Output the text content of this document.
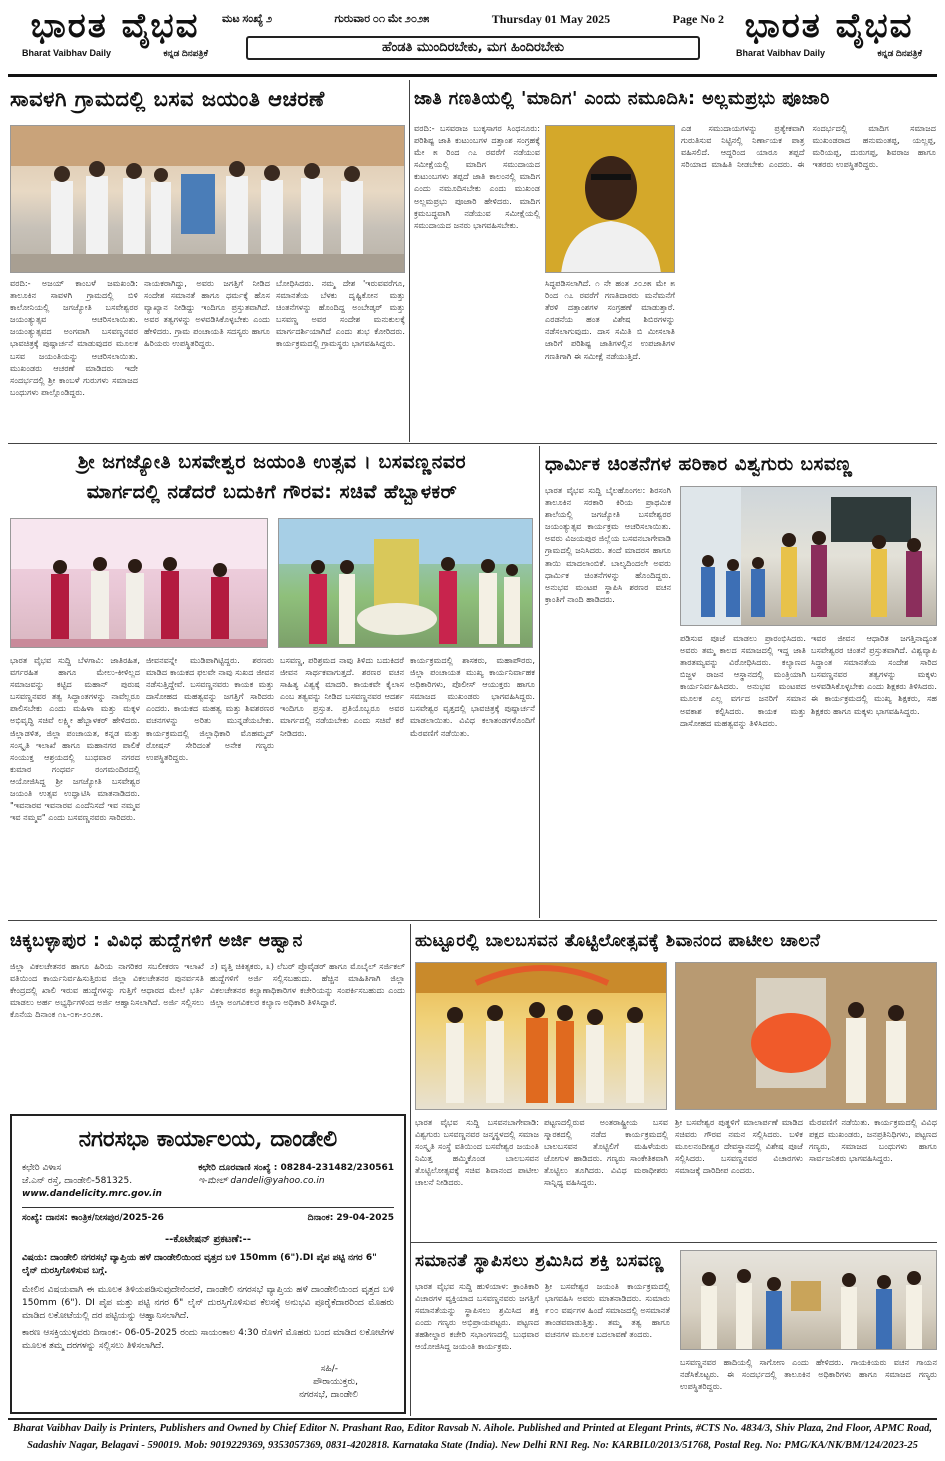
ಭಾರತ ವೈಭವ
Bharat Vaibhav Daily	ಕನ್ನಡ ದಿನಪತ್ರಿಕೆ
ಭಾರತ ವೈಭವ
Bharat Vaibhav Daily	ಕನ್ನಡ ದಿನಪತ್ರಿಕೆ
ಮಟ ಸಂಖ್ಯೆ ೨	ಗುರುವಾರ ೦೧ ಮೇ ೨೦೨೫	Thursday 01 May 2025	Page No 2
ಹೆಂಡತಿ ಮುಂದಿರಬೇಕು, ಮಗ ಹಿಂದಿರಬೇಕು
ಸಾವಳಗಿ ಗ್ರಾಮದಲ್ಲಿ ಬಸವ ಜಯಂತಿ ಆಚರಣೆ
ವರದಿ:- ಅಜಯ್ ಕಾಂಬಳೆ ಜಮಖಂಡಿ: ತಾಲೂಕಿನ ಸಾವಳಗಿ ಗ್ರಾಮದಲ್ಲಿ ಬಿಳಿ ಕಾಲೋನಿಯಲ್ಲಿ ಜಗಜ್ಯೋತಿ ಬಸವೇಶ್ವರರ ಜಯಂತ್ಯುತ್ಸವ ಆಚರಿಸಲಾಯಿತು. ಜಯಂತ್ಯುತ್ಸವದ ಅಂಗವಾಗಿ ಬಸವಣ್ಣನವರ ಭಾವಚಿತ್ರಕ್ಕೆ ಪುಷ್ಪಾರ್ಚನೆ ಮಾಡುವುದರ ಮೂಲಕ ಬಸವ ಜಯಂತಿಯನ್ನು ಆಚರಿಸಲಾಯಿತು. ಮುಖಂಡರು ಆಚರಣೆ ಮಾಡಿದರು ಇದೇ ಸಂದರ್ಭದಲ್ಲಿ ಶ್ರೀ ಕಾಂಬಳೆ ಗುರುಗಳು ಸಮಾಜದ ಬಂಧುಗಳು ಪಾಲ್ಗೊಂಡಿದ್ದರು.
ನಾಯಕರಾಗಿದ್ದು, ಅವರು ಜಗತ್ತಿಗೆ ನೀಡಿದ ಸಂದೇಶ ಸಮಾನತೆ ಹಾಗೂ ಧರ್ಮಕ್ಕೆ ಹೊಸ ವ್ಯಾಖ್ಯಾನ ನೀಡಿದ್ದು ಇಂದಿಗೂ ಪ್ರಸ್ತುತವಾಗಿದೆ. ಅವರ ತತ್ವಗಳನ್ನು ಅಳವಡಿಸಿಕೊಳ್ಳಬೇಕು ಎಂದು ಹೇಳಿದರು. ಗ್ರಾಮ ಪಂಚಾಯತಿ ಸದಸ್ಯರು ಹಾಗೂ ಹಿರಿಯರು ಉಪಸ್ಥಿತರಿದ್ದರು.
ಬೋಧಿಸಿದರು. ನಮ್ಮ ದೇಶ 'ಇರುವವರೆಗೂ, ಸಮಾನತೆಯ ಬೆಳಕು ದೃಷ್ಟಿಕೋನ ಮತ್ತು ಚಿಂತನೆಗಳನ್ನು ಹೊಂದಿದ್ದ ಅಂಬೇಡ್ಕರ್ ಮತ್ತು ಬಸವಣ್ಣ ಅವರ ಸಂದೇಶ ಮನುಕುಲಕ್ಕೆ ಮಾರ್ಗದರ್ಶಿಯಾಗಿದೆ ಎಂದು ಶುಭ ಕೋರಿದರು. ಕಾರ್ಯಕ್ರಮದಲ್ಲಿ ಗ್ರಾಮಸ್ಥರು ಭಾಗವಹಿಸಿದ್ದರು.
ಜಾತಿ ಗಣತಿಯಲ್ಲಿ 'ಮಾದಿಗ' ಎಂದು ನಮೂದಿಸಿ: ಅಲ್ಲಮಪ್ರಭು ಪೂಜಾರಿ
ವರದಿ:- ಬಸವರಾಜ ಬುಕ್ಕಸಾಗರ ಸಿಂಧನೂರು: ಪರಿಶಿಷ್ಟ ಜಾತಿ ಕುಟುಂಬಗಳ ದತ್ತಾಂಶ ಸಂಗ್ರಹಕ್ಕೆ ಮೇ ೫ ರಿಂದ ೧೭ ರವರೆಗೆ ನಡೆಯುವ ಸಮೀಕ್ಷೆಯಲ್ಲಿ ಮಾದಿಗ ಸಮುದಾಯದ ಕುಟುಂಬಗಳು ತಪ್ಪದೆ ಜಾತಿ ಕಾಲಂನಲ್ಲಿ ಮಾದಿಗ ಎಂದು ನಮೂದಿಸಬೇಕು ಎಂದು ಮುಖಂಡ ಅಲ್ಲಮಪ್ರಭು ಪೂಜಾರಿ ಹೇಳಿದರು. ಮಾದಿಗ ಕ್ರಮಬದ್ಧವಾಗಿ ನಡೆಯುವ ಸಮೀಕ್ಷೆಯಲ್ಲಿ ಸಮುದಾಯದ ಜನರು ಭಾಗವಹಿಸಬೇಕು.
ಸಿದ್ಧಪಡಿಸಲಾಗಿದೆ. ೧ ನೇ ಹಂತ ೨೦೨೫ ಮೇ ೫ ರಿಂದ ೧೭ ರವರೆಗೆ ಗಣತಿದಾರರು ಮನೆಮನೆಗೆ ತೆರಳಿ ದತ್ತಾಂಶಗಳ ಸಂಗ್ರಹಣೆ ಮಾಡುತ್ತಾರೆ. ಎರಡನೆಯ ಹಂತ ವಿಶೇಷ ಶಿಬಿರಗಳನ್ನು ನಡೆಸಲಾಗುವುದು. ದಾಸ ಸಮಿತಿ ಬಿ ಮೀಸಲಾತಿ ಜಾರಿಗೆ ಪರಿಶಿಷ್ಟ ಜಾತಿಗಳಲ್ಲಿನ ಉಪಜಾತಿಗಳ ಗಣತಿಗಾಗಿ ಈ ಸಮೀಕ್ಷೆ ನಡೆಯುತ್ತಿದೆ.
ಎಡ ಸಮುದಾಯಗಳನ್ನು ಪ್ರತ್ಯೇಕವಾಗಿ ಗುರುತಿಸುವ ನಿಟ್ಟಿನಲ್ಲಿ ನಿರ್ಣಾಯಕ ಪಾತ್ರ ವಹಿಸಲಿದೆ. ಆದ್ದರಿಂದ ಯಾರೂ ತಪ್ಪದೆ ಸರಿಯಾದ ಮಾಹಿತಿ ನೀಡಬೇಕು ಎಂದರು. ಈ ಸಂದರ್ಭದಲ್ಲಿ ಮಾದಿಗ ಸಮಾಜದ ಮುಖಂಡರಾದ ಹನುಮಂತಪ್ಪ, ಯಲ್ಲಪ್ಪ, ಮರಿಯಪ್ಪ, ದುರುಗಪ್ಪ, ಶಿವರಾಜ ಹಾಗೂ ಇತರರು ಉಪಸ್ಥಿತರಿದ್ದರು.
ಶ್ರೀ ಜಗಜ್ಯೋತಿ ಬಸವೇಶ್ವರ ಜಯಂತಿ ಉತ್ಸವ । ಬಸವಣ್ಣನವರ
ಮಾರ್ಗದಲ್ಲಿ ನಡೆದರೆ ಬದುಕಿಗೆ ಗೌರವ: ಸಚಿವೆ ಹೆಬ್ಬಾಳಕರ್
ಭಾರತ ವೈಭವ ಸುದ್ದಿ ಬೆಳಗಾವಿ: ಜಾತಿರಹಿತ, ವರ್ಗರಹಿತ ಹಾಗೂ ಮೇಲು-ಕೀಳಿಲ್ಲದ ಸಮಾಜವನ್ನು ಕಟ್ಟಿದ ಮಹಾನ್ ಪುರುಷ ಬಸವಣ್ಣನವರ ತತ್ವ ಸಿದ್ಧಾಂತಗಳನ್ನು ನಾವೆಲ್ಲರೂ ಪಾಲಿಸಬೇಕು ಎಂದು ಮಹಿಳಾ ಮತ್ತು ಮಕ್ಕಳ ಅಭಿವೃದ್ಧಿ ಸಚಿವೆ ಲಕ್ಷ್ಮೀ ಹೆಬ್ಬಾಳಕರ್ ಹೇಳಿದರು. ಜಿಲ್ಲಾಡಳಿತ, ಜಿಲ್ಲಾ ಪಂಚಾಯತ, ಕನ್ನಡ ಮತ್ತು ಸಂಸ್ಕೃತಿ ಇಲಾಖೆ ಹಾಗೂ ಮಹಾನಗರ ಪಾಲಿಕೆ ಸಂಯುಕ್ತ ಆಶ್ರಯದಲ್ಲಿ ಬುಧವಾರ ನಗರದ ಕುಮಾರ ಗಂಧರ್ವ ರಂಗಮಂದಿರದಲ್ಲಿ ಆಯೋಜಿಸಿದ್ದ ಶ್ರೀ ಜಗಜ್ಯೋತಿ ಬಸವೇಶ್ವರ ಜಯಂತಿ ಉತ್ಸವ ಉದ್ಘಾಟಿಸಿ ಮಾತನಾಡಿದರು. "ಇವನಾರವ ಇವನಾರವ ಎಂದೆನಿಸದೆ ಇವ ನಮ್ಮವ ಇವ ನಮ್ಮವ" ಎಂದು ಬಸವಣ್ಣನವರು ಸಾರಿದರು.
ಜೀವನವನ್ನೇ ಮುಡಿಪಾಗಿಟ್ಟಿದ್ದರು. ಶರಣರು ಮಾಡಿದ ಕಾಯಕದ ಫಲವೇ ನಾವು ಸುಖದ ಜೀವನ ನಡೆಸುತ್ತಿದ್ದೇವೆ. ಬಸವಣ್ಣನವರು ಕಾಯಕ ಮತ್ತು ದಾಸೋಹದ ಮಹತ್ವವನ್ನು ಜಗತ್ತಿಗೆ ಸಾರಿದರು ಎಂದರು. ಕಾಯಕದ ಮಹತ್ವ ಮತ್ತು ಶಿವಶರಣರ ವಚನಗಳನ್ನು ಅರಿತು ಮುನ್ನಡೆಯಬೇಕು. ಕಾರ್ಯಕ್ರಮದಲ್ಲಿ ಜಿಲ್ಲಾಧಿಕಾರಿ ಮೊಹಮ್ಮದ್ ರೋಷನ್ ಸೇರಿದಂತೆ ಅನೇಕ ಗಣ್ಯರು ಉಪಸ್ಥಿತರಿದ್ದರು.
ಬಸವಣ್ಣ, ಪರಿಶ್ರಮದ ನಾವು ತಿಳಿದು ಬದುಕಿದರೆ ಜೀವನ ಸಾರ್ಥಕವಾಗುತ್ತದೆ. ಶರಣರ ವಚನ ಸಾಹಿತ್ಯ ವಿಶ್ವಕ್ಕೆ ಮಾದರಿ. ಕಾಯಕವೇ ಕೈಲಾಸ ಎಂಬ ತತ್ವವನ್ನು ನೀಡಿದ ಬಸವಣ್ಣನವರ ಆದರ್ಶ ಇಂದಿಗೂ ಪ್ರಸ್ತುತ. ಪ್ರತಿಯೊಬ್ಬರೂ ಅವರ ಮಾರ್ಗದಲ್ಲಿ ನಡೆಯಬೇಕು ಎಂದು ಸಚಿವೆ ಕರೆ ನೀಡಿದರು.
ಕಾರ್ಯಕ್ರಮದಲ್ಲಿ ಶಾಸಕರು, ಮಹಾಪೌರರು, ಜಿಲ್ಲಾ ಪಂಚಾಯತ ಮುಖ್ಯ ಕಾರ್ಯನಿರ್ವಾಹಕ ಅಧಿಕಾರಿಗಳು, ಪೊಲೀಸ್ ಆಯುಕ್ತರು ಹಾಗೂ ಸಮಾಜದ ಮುಖಂಡರು ಭಾಗವಹಿಸಿದ್ದರು. ಬಸವೇಶ್ವರ ವೃತ್ತದಲ್ಲಿ ಭಾವಚಿತ್ರಕ್ಕೆ ಪುಷ್ಪಾರ್ಚನೆ ಮಾಡಲಾಯಿತು. ವಿವಿಧ ಕಲಾತಂಡಗಳೊಂದಿಗೆ ಮೆರವಣಿಗೆ ನಡೆಯಿತು.
ಧಾರ್ಮಿಕ ಚಿಂತನೆಗಳ ಹರಿಕಾರ ವಿಶ್ವಗುರು ಬಸವಣ್ಣ
ಭಾರತ ವೈಭವ ಸುದ್ದಿ ಬೈಲಹೊಂಗಲ: ಶಿರಸಂಗಿ ತಾಲೂಕಿನ ಸರಕಾರಿ ಕಿರಿಯ ಪ್ರಾಥಮಿಕ ಶಾಲೆಯಲ್ಲಿ ಜಗಜ್ಯೋತಿ ಬಸವೇಶ್ವರರ ಜಯಂತ್ಯುತ್ಸವ ಕಾರ್ಯಕ್ರಮ ಆಚರಿಸಲಾಯಿತು. ಅವರು ವಿಜಯಪುರ ಜಿಲ್ಲೆಯ ಬಸವನಬಾಗೇವಾಡಿ ಗ್ರಾಮದಲ್ಲಿ ಜನಿಸಿದರು. ತಂದೆ ಮಾದರಸ ಹಾಗೂ ತಾಯಿ ಮಾದಲಾಂಬಿಕೆ. ಬಾಲ್ಯದಿಂದಲೇ ಅವರು ಧಾರ್ಮಿಕ ಚಿಂತನೆಗಳನ್ನು ಹೊಂದಿದ್ದರು. ಅನುಭವ ಮಂಟಪ ಸ್ಥಾಪಿಸಿ ಶರಣರ ವಚನ ಕ್ರಾಂತಿಗೆ ನಾಂದಿ ಹಾಡಿದರು.
ಪಡಿಸುವ ಪೂಜೆ ಮಾಡಲು ಪ್ರಾರಂಭಿಸಿದರು. ಅವರು ತಮ್ಮ ಕಾಲದ ಸಮಾಜದಲ್ಲಿ ಇದ್ದ ಜಾತಿ ತಾರತಮ್ಯವನ್ನು ವಿರೋಧಿಸಿದರು. ಕಲ್ಯಾಣದ ಬಿಜ್ಜಳ ರಾಜನ ಆಸ್ಥಾನದಲ್ಲಿ ಮಂತ್ರಿಯಾಗಿ ಕಾರ್ಯನಿರ್ವಹಿಸಿದರು. ಅನುಭವ ಮಂಟಪದ ಮೂಲಕ ಎಲ್ಲ ವರ್ಗದ ಜನರಿಗೆ ಸಮಾನ ಅವಕಾಶ ಕಲ್ಪಿಸಿದರು. ಕಾಯಕ ಮತ್ತು ದಾಸೋಹದ ಮಹತ್ವವನ್ನು ತಿಳಿಸಿದರು.
ಇವರ ಜೀವನ ಆಧಾರಿತ ಜಗತ್ತಿನಾದ್ಯಂತ ಬಸವೇಶ್ವರರ ಚಿಂತನೆ ಪ್ರಸ್ತುತವಾಗಿದೆ. ವಿಶ್ವವ್ಯಾಪಿ ಸಿದ್ಧಾಂತ ಸಮಾನತೆಯ ಸಂದೇಶ ಸಾರಿದ ಬಸವಣ್ಣನವರ ತತ್ವಗಳನ್ನು ಮಕ್ಕಳು ಅಳವಡಿಸಿಕೊಳ್ಳಬೇಕು ಎಂದು ಶಿಕ್ಷಕರು ತಿಳಿಸಿದರು. ಈ ಕಾರ್ಯಕ್ರಮದಲ್ಲಿ ಮುಖ್ಯ ಶಿಕ್ಷಕರು, ಸಹ ಶಿಕ್ಷಕರು ಹಾಗೂ ಮಕ್ಕಳು ಭಾಗವಹಿಸಿದ್ದರು.
ಚಿಕ್ಕಬಳ್ಳಾಪುರ : ವಿವಿಧ ಹುದ್ದೆಗಳಿಗೆ ಅರ್ಜಿ ಆಹ್ವಾನ
ಜಿಲ್ಲಾ ವಿಕಲಚೇತನರ ಹಾಗೂ ಹಿರಿಯ ನಾಗರಿಕರ ಸಬಲೀಕರಣ ಇಲಾಖೆ ವತಿಯಿಂದ ಕಾರ್ಯನಿರ್ವಹಿಸುತ್ತಿರುವ ಜಿಲ್ಲಾ ವಿಕಲಚೇತನರ ಪುನರ್ವಸತಿ ಕೇಂದ್ರದಲ್ಲಿ ಖಾಲಿ ಇರುವ ಹುದ್ದೆಗಳನ್ನು ಗುತ್ತಿಗೆ ಆಧಾರದ ಮೇಲೆ ಭರ್ತಿ ಮಾಡಲು ಅರ್ಹ ಅಭ್ಯರ್ಥಿಗಳಿಂದ ಅರ್ಜಿ ಆಹ್ವಾನಿಸಲಾಗಿದೆ. ಅರ್ಜಿ ಸಲ್ಲಿಸಲು ಕೊನೆಯ ದಿನಾಂಕ ೧೬-೦೫-೨೦೨೫.
೨) ವೃತ್ತಿ ಚಿಕಿತ್ಸಕರು, ೩) ಲೆಬರ್ ಪ್ರೊವೈಡರ್ ಹಾಗೂ ಮೊಬೈಲ್ ಸರ್ಜಿಕಲ್ ಹುದ್ದೆಗಳಿಗೆ ಅರ್ಜಿ ಸಲ್ಲಿಸಬಹುದು. ಹೆಚ್ಚಿನ ಮಾಹಿತಿಗಾಗಿ ಜಿಲ್ಲಾ ವಿಕಲಚೇತನರ ಕಲ್ಯಾಣಾಧಿಕಾರಿಗಳ ಕಚೇರಿಯನ್ನು ಸಂಪರ್ಕಿಸಬಹುದು ಎಂದು ಜಿಲ್ಲಾ ಅಂಗವಿಕಲರ ಕಲ್ಯಾಣ ಅಧಿಕಾರಿ ತಿಳಿಸಿದ್ದಾರೆ.
ನಗರಸಭಾ ಕಾರ್ಯಾಲಯ, ದಾಂಡೇಲಿ
ಕಛೇರಿ ವಿಳಾಸ
ಜೆ.ಎನ್ ರಸ್ತೆ, ದಾಂಡೇಲಿ-581325.
www.dandelicity.mrc.gov.in
ಕಛೇರಿ ದೂರವಾಣಿ ಸಂಖ್ಯೆ : 08284-231482/230561
ಇ-ಮೇಲ್ dandeli@yahoo.co.in
ಸಂಖ್ಯೆ: ದಾನಸ: ಕಾಂತ್ರಿಕ/ನೀಸಪುರ/2025-26	ದಿನಾಂಕ: 29-04-2025
--ಕೊಟೇಷನ್ ಪ್ರಕಟಣೆ:--
ವಿಷಯ: ದಾಂಡೇಲಿ ನಗರಸಭೆ ವ್ಯಾಪ್ತಿಯ ಹಳೆ ದಾಂಡೇಲಿಯಿಂದ ವೃತ್ತದ ಬಳಿ 150mm (6").DI ಪೈಪ ಪಟ್ಟಿ ನಗರ 6" ಲೈನ್ ದುರಸ್ತಿಗೊಳಿಸುವ ಬಗ್ಗೆ.
ಮೇಲಿನ ವಿಷಯವಾಗಿ ಈ ಮೂಲಕ ತಿಳಿಯಪಡಿಸುವುದೇನೆಂದರೆ, ದಾಂಡೇಲಿ ನಗರಸಭೆ ವ್ಯಾಪ್ತಿಯ ಹಳೆ ದಾಂಡೇಲಿಯಿಂದ ವೃತ್ತದ ಬಳಿ 150mm (6"). DI ಪೈಪ ಮತ್ತು ಪಟ್ಟಿ ನಗರ 6" ಲೈನ್ ದುರಸ್ತಿಗೊಳಿಸುವ ಕೆಲಸಕ್ಕೆ ಅನುಭವಿ ಪೂರೈಕೆದಾರರಿಂದ ಮೊಹರು ಮಾಡಿದ ಲಕೋಟೆಯಲ್ಲಿ ದರ ಪಟ್ಟಿಯನ್ನು ಆಹ್ವಾನಿಸಲಾಗಿದೆ.
ಕಾರಣ ಆಸಕ್ತಿಯುಳ್ಳವರು ದಿನಾಂಕ:- 06-05-2025 ರಂದು ಸಾಯಂಕಾಲ 4:30 ರೊಳಗೆ ಮೊಹರು ಬಂದ ಮಾಡಿದ ಲಕೋಟೆಗಳ ಮೂಲಕ ತಮ್ಮ ದರಗಳನ್ನು ಸಲ್ಲಿಸಲು ತಿಳಿಸಲಾಗಿದೆ.
ಸಹಿ/-
ಪೌರಾಯುಕ್ತರು,
ನಗರಸಭೆ, ದಾಂಡೇಲಿ
ಹುಟ್ಟೂರಲ್ಲಿ ಬಾಲಬಸವನ ತೊಟ್ಟಿಲೋತ್ಸವಕ್ಕೆ ಶಿವಾನಂದ ಪಾಟೀಲ ಚಾಲನೆ
ಭಾರತ ವೈಭವ ಸುದ್ದಿ ಬಸವನಬಾಗೇವಾಡಿ: ವಿಶ್ವಗುರು ಬಸವಣ್ಣನವರ ಜನ್ಮಸ್ಥಳದಲ್ಲಿ ಸಮಾಜ ಸಂಸ್ಕೃತಿ ಸಂಸ್ಥೆ ವತಿಯಿಂದ ಬಸವೇಶ್ವರ ಜಯಂತಿ ನಿಮಿತ್ತ ಹಮ್ಮಿಕೊಂಡ ಬಾಲಬಸವನ ತೊಟ್ಟಿಲೋತ್ಸವಕ್ಕೆ ಸಚಿವ ಶಿವಾನಂದ ಪಾಟೀಲ ಚಾಲನೆ ನೀಡಿದರು.
ಪಟ್ಟಣದಲ್ಲಿರುವ ಅಂತರಾಷ್ಟ್ರೀಯ ಬಸವ ಸ್ಮಾರಕದಲ್ಲಿ ನಡೆದ ಕಾರ್ಯಕ್ರಮದಲ್ಲಿ ಬಾಲಬಸವನ ತೊಟ್ಟಿಲಿಗೆ ಮಹಿಳೆಯರು ಜೋಗುಳ ಹಾಡಿದರು. ಗಣ್ಯರು ಸಾಂಕೇತಿಕವಾಗಿ ತೊಟ್ಟಿಲು ತೂಗಿದರು. ವಿವಿಧ ಮಠಾಧೀಶರು ಸಾನ್ನಿಧ್ಯ ವಹಿಸಿದ್ದರು.
ಶ್ರೀ ಬಸವೇಶ್ವರ ಪುತ್ಥಳಿಗೆ ಮಾಲಾರ್ಪಣೆ ಮಾಡಿದ ಸಚಿವರು ಗೌರವ ನಮನ ಸಲ್ಲಿಸಿದರು. ಬಳಿಕ ಮೂಲನಂದೀಶ್ವರ ದೇವಸ್ಥಾನದಲ್ಲಿ ವಿಶೇಷ ಪೂಜೆ ಸಲ್ಲಿಸಿದರು. ಬಸವಣ್ಣನವರ ವಿಚಾರಗಳು ಸಮಾಜಕ್ಕೆ ದಾರಿದೀಪ ಎಂದರು.
ಮೆರವಣಿಗೆ ನಡೆಯಿತು. ಕಾರ್ಯಕ್ರಮದಲ್ಲಿ ವಿವಿಧ ಪಕ್ಷದ ಮುಖಂಡರು, ಜನಪ್ರತಿನಿಧಿಗಳು, ಪಟ್ಟಣದ ಗಣ್ಯರು, ಸಮಾಜದ ಬಂಧುಗಳು ಹಾಗೂ ಸಾರ್ವಜನಿಕರು ಭಾಗವಹಿಸಿದ್ದರು.
ಸಮಾನತೆ ಸ್ಥಾಪಿಸಲು ಶ್ರಮಿಸಿದ ಶಕ್ತಿ ಬಸವಣ್ಣ
ಭಾರತ ವೈಭವ ಸುದ್ದಿ ಹುಳಿಯಾಳ: ಕ್ರಾಂತಿಕಾರಿ ವಿಚಾರಗಳ ವ್ಯಕ್ತಿಯಾದ ಬಸವಣ್ಣನವರು ಜಗತ್ತಿಗೆ ಸಮಾನತೆಯನ್ನು ಸ್ಥಾಪಿಸಲು ಶ್ರಮಿಸಿದ ಶಕ್ತಿ ಎಂದು ಗಣ್ಯರು ಅಭಿಪ್ರಾಯಪಟ್ಟರು. ಪಟ್ಟಣದ ತಹಶೀಲ್ದಾರ ಕಚೇರಿ ಸಭಾಂಗಣದಲ್ಲಿ ಬುಧವಾರ ಆಯೋಜಿಸಿದ್ದ ಜಯಂತಿ ಕಾರ್ಯಕ್ರಮ.
ಶ್ರೀ ಬಸವೇಶ್ವರ ಜಯಂತಿ ಕಾರ್ಯಕ್ರಮದಲ್ಲಿ ಭಾಗವಹಿಸಿ ಅವರು ಮಾತನಾಡಿದರು. ಸುಮಾರು ೯೦೦ ವರ್ಷಗಳ ಹಿಂದೆ ಸಮಾಜದಲ್ಲಿ ಅಸಮಾನತೆ ತಾಂಡವವಾಡುತ್ತಿತ್ತು. ತಮ್ಮ ತತ್ವ ಹಾಗೂ ವಚನಗಳ ಮೂಲಕ ಬದಲಾವಣೆ ತಂದರು.
ಬಸವಣ್ಣನವರ ಹಾದಿಯಲ್ಲಿ ಸಾಗೋಣ ಎಂದು ಹೇಳಿದರು. ಗಾಯಕಿಯರು ವಚನ ಗಾಯನ ನಡೆಸಿಕೊಟ್ಟರು. ಈ ಸಂದರ್ಭದಲ್ಲಿ ತಾಲೂಕಿನ ಅಧಿಕಾರಿಗಳು ಹಾಗೂ ಸಮಾಜದ ಗಣ್ಯರು ಉಪಸ್ಥಿತರಿದ್ದರು.
Bharat Vaibhav Daily is Printers, Publishers and Owned by Chief Editor N. Prashant Rao, Editor Ravsab N. Aihole. Published and Printed at Elegant Prints, #CTS No. 4834/3, Shiv Plaza, 2nd Floor, APMC Road,
Sadashiv Nagar, Belagavi - 590019. Mob: 9019229369, 9353057369, 0831-4202818. Karnataka State (India). New Delhi RNI Reg. No: KARBIL0/2013/51768, Postal Reg. No: PMG/KA/NK/BM/124/2023-25
